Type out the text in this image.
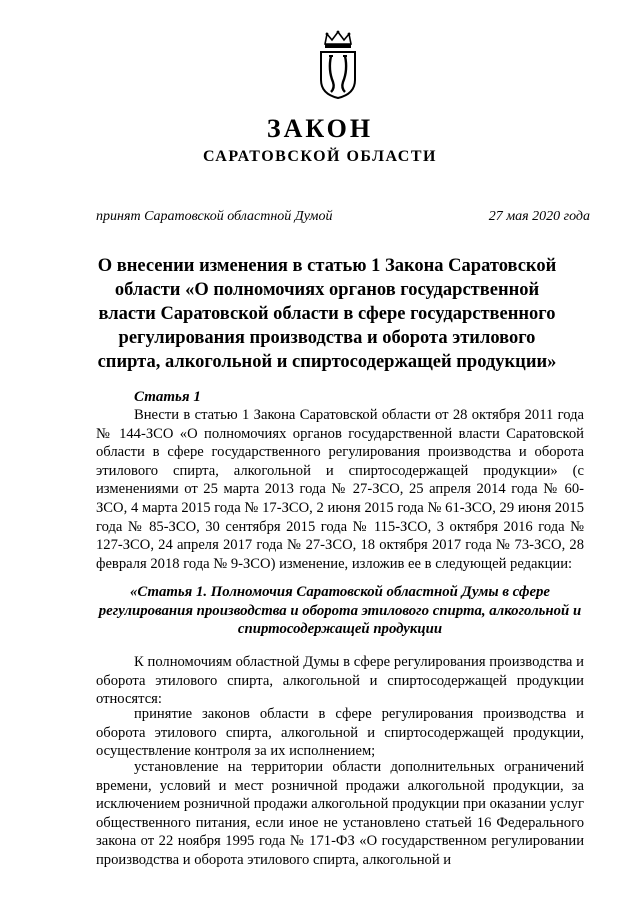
ЗАКОН
САРАТОВСКОЙ ОБЛАСТИ
принят Саратовской областной Думой	27 мая 2020 года
О внесении изменения в статью 1 Закона Саратовской области «О полномочиях органов государственной власти Саратовской области в сфере государственного регулирования производства и оборота этилового спирта, алкогольной и спиртосодержащей продукции»
Статья 1
Внести в статью 1 Закона Саратовской области от 28 октября 2011 года № 144-ЗСО «О полномочиях органов государственной власти Саратовской области в сфере государственного регулирования производства и оборота этилового спирта, алкогольной и спиртосодержащей продукции» (с изменениями от 25 марта 2013 года № 27-ЗСО, 25 апреля 2014 года № 60-ЗСО, 4 марта 2015 года № 17-ЗСО, 2 июня 2015 года № 61-ЗСО, 29 июня 2015 года № 85-ЗСО, 30 сентября 2015 года № 115-ЗСО, 3 октября 2016 года № 127-ЗСО, 24 апреля 2017 года № 27-ЗСО, 18 октября 2017 года № 73-ЗСО, 28 февраля 2018 года № 9-ЗСО) изменение, изложив ее в следующей редакции:
«Статья 1. Полномочия Саратовской областной Думы в сфере регулирования производства и оборота этилового спирта, алкогольной и спиртосодержащей продукции
К полномочиям областной Думы в сфере регулирования производства и оборота этилового спирта, алкогольной и спиртосодержащей продукции относятся:
принятие законов области в сфере регулирования производства и оборота этилового спирта, алкогольной и спиртосодержащей продукции, осуществление контроля за их исполнением;
установление на территории области дополнительных ограничений времени, условий и мест розничной продажи алкогольной продукции, за исключением розничной продажи алкогольной продукции при оказании услуг общественного питания, если иное не установлено статьей 16 Федерального закона от 22 ноября 1995 года № 171-ФЗ «О государственном регулировании производства и оборота этилового спирта, алкогольной и
